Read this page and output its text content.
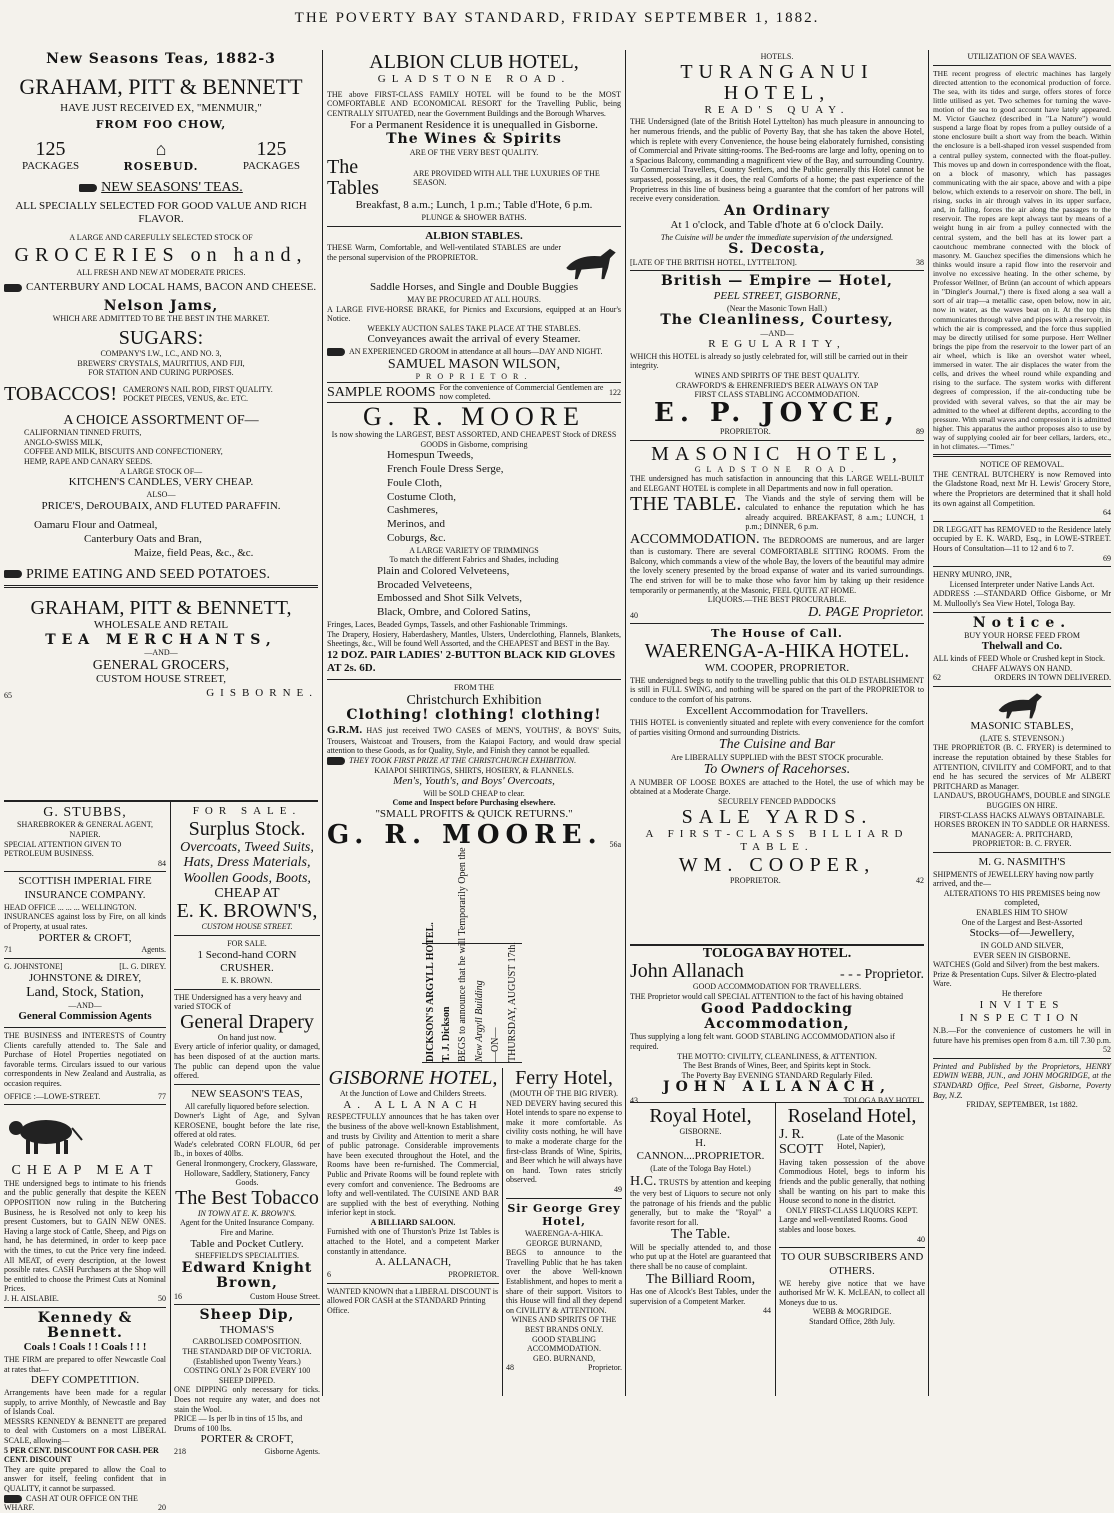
THE POVERTY BAY STANDARD, FRIDAY SEPTEMBER 1, 1882.
New Seasons Teas, 1882-3
GRAHAM, PITT & BENNETT
HAVE JUST RECEIVED EX, "MENMUIR,"
FROM FOO CHOW,
125
PACKAGES
⌂
ROSEBUD.
125
PACKAGES
NEW SEASONS' TEAS.
ALL SPECIALLY SELECTED FOR GOOD VALUE AND RICH FLAVOR.
A LARGE AND CAREFULLY SELECTED STOCK OF
GROCERIES on hand,
ALL FRESH AND NEW AT MODERATE PRICES.
CANTERBURY AND LOCAL HAMS, BACON AND CHEESE.
Nelson Jams,
WHICH ARE ADMITTED TO BE THE BEST IN THE MARKET.
SUGARS:
COMPANY'S I.W., I.C., AND NO. 3,
BREWERS' CRYSTALS, MAURITIUS, AND FIJI,
FOR STATION AND CURING PURPOSES.
TOBACCOS! CAMERON'S NAIL ROD, FIRST QUALITY.
POCKET PIECES, VENUS, &c. ETC.
A CHOICE ASSORTMENT OF—
CALIFORNIAN TINNED FRUITS,
ANGLO-SWISS MILK,
COFFEE AND MILK, BISCUITS AND CONFECTIONERY,
HEMP, RAPE AND CANARY SEEDS.
A LARGE STOCK OF—
KITCHEN'S CANDLES, VERY CHEAP.
ALSO—
PRICE'S, DeROUBAIX, AND FLUTED PARAFFIN.
Oamaru Flour and Oatmeal,
Canterbury Oats and Bran,
Maize, field Peas, &c., &c.
PRIME EATING AND SEED POTATOES.
GRAHAM, PITT & BENNETT,
WHOLESALE AND RETAIL
TEA MERCHANTS,
—AND—
GENERAL GROCERS,
CUSTOM HOUSE STREET,
65	GISBORNE.
G. STUBBS,
SHAREBROKER & GENERAL AGENT,
NAPIER.
SPECIAL ATTENTION GIVEN TO PETROLEUM BUSINESS.
84
SCOTTISH IMPERIAL FIRE INSURANCE COMPANY.
HEAD OFFICE ... ... ... WELLINGTON.
INSURANCES against loss by Fire, on all kinds of Property, at usual rates.
PORTER & CROFT,
71	Agents.
G. JOHNSTONE]	[L. G. DIREY.
JOHNSTONE & DIREY,
Land, Stock, Station,
—AND—
General Commission Agents
THE BUSINESS and INTERESTS of Country Clients carefully attended to. The Sale and Purchase of Hotel Properties negotiated on favorable terms. Circulars issued to our various correspondents in New Zealand and Australia, as occasion requires.
OFFICE :—LOWE-STREET.	77
CHEAP MEAT
THE undersigned begs to intimate to his friends and the public generally that despite the KEEN OPPOSITION now ruling in the Butchering Business, he is Resolved not only to keep his present Customers, but to GAIN NEW ONES. Having a large stock of Cattle, Sheep, and Pigs on hand, he has determined, in order to keep pace with the times, to cut the Price very fine indeed. All MEAT, of every description, at the lowest possible rates. CASH Purchasers at the Shop will be entitled to choose the Primest Cuts at Nominal Prices.
J. H. AISLABIE.	50
Kennedy & Bennett.
Coals ! Coals ! ! Coals ! ! !
THE FIRM are prepared to offer Newcastle Coal at rates that—
DEFY COMPETITION.
Arrangements have been made for a regular supply, to arrive Monthly, of Newcastle and Bay of Islands Coal.
MESSRS KENNEDY & BENNETT are prepared to deal with Customers on a most LIBERAL SCALE, allowing—
5 PER CENT. DISCOUNT FOR CASH. PER CENT. DISCOUNT
They are quite prepared to allow the Coal to answer for itself, feeling confident that in QUALITY, it cannot be surpassed.
CASH AT OUR OFFICE ON THE WHARF.	20
FOR SALE.
Surplus Stock.
Overcoats, Tweed Suits, Hats, Dress Materials, Woollen Goods, Boots,
CHEAP AT
E. K. BROWN'S,
CUSTOM HOUSE STREET.
FOR SALE.
1 Second-hand CORN CRUSHER.
E. K. BROWN.
THE Undersigned has a very heavy and varied STOCK of
General Drapery
On hand just now.
Every article of inferior quality, or damaged, has been disposed of at the auction marts. The public can depend upon the value offered.
NEW SEASON'S TEAS,
All carefully liquored before selection.
Downer's Light of Age, and Sylvan KEROSENE, bought before the late rise, offered at old rates.
Wade's celebrated CORN FLOUR, 6d per lb., in boxes of 40lbs.
General Ironmongery, Crockery, Glassware, Holloware, Saddlery, Stationery, Fancy Goods.
The Best Tobacco
IN TOWN AT E. K. BROWN'S.
Agent for the United Insurance Company. Fire and Marine.
Table and Pocket Cutlery.
SHEFFIELD'S SPECIALITIES.
Edward Knight Brown,
16	Custom House Street.
Sheep Dip,
THOMAS'S
CARBOLISED COMPOSITION.
THE STANDARD DIP OF VICTORIA.
(Established upon Twenty Years.)
COSTING ONLY 2s FOR EVERY 100 SHEEP DIPPED.
ONE DIPPING only necessary for ticks. Does not require any water, and does not stain the Wool.
PRICE — Is per lb in tins of 15 lbs, and Drums of 100 lbs.
PORTER & CROFT,
218	Gisborne Agents.
ALBION CLUB HOTEL,
GLADSTONE ROAD.
THE above FIRST-CLASS FAMILY HOTEL will be found to be the MOST COMFORTABLE AND ECONOMICAL RESORT for the Travelling Public, being CENTRALLY SITUATED, near the Government Buildings and the Borough Wharves.
For a Permanent Residence it is unequalled in Gisborne.
The Wines & Spirits
ARE OF THE VERY BEST QUALITY.
The Tables
ARE PROVIDED WITH ALL THE LUXURIES OF THE SEASON.
Breakfast, 8 a.m.; Lunch, 1 p.m.; Table d'Hote, 6 p.m.
PLUNGE & SHOWER BATHS.
ALBION STABLES.
THESE Warm, Comfortable, and Well-ventilated STABLES are under the personal supervision of the PROPRIETOR.
Saddle Horses, and Single and Double Buggies
MAY BE PROCURED AT ALL HOURS.
A LARGE FIVE-HORSE BRAKE, for Picnics and Excursions, equipped at an Hour's Notice.
WEEKLY AUCTION SALES TAKE PLACE AT THE STABLES.
Conveyances await the arrival of every Steamer.
AN EXPERIENCED GROOM in attendance at all hours—DAY AND NIGHT.
SAMUEL MASON WILSON,
PROPRIETOR.
SAMPLE ROOMS For the convenience of Commercial Gentlemen are now completed.
122
G. R. MOORE
Is now showing the LARGEST, BEST ASSORTED, AND CHEAPEST Stock of DRESS GOODS in Gisborne, comprising
Homespun Tweeds,
French Foule Dress Serge,
Foule Cloth,
Costume Cloth,
Cashmeres,
Merinos, and
Coburgs, &c.
A LARGE VARIETY OF TRIMMINGS
To match the different Fabrics and Shades, including
Plain and Colored Velveteens,
Brocaded Velveteens,
Embossed and Shot Silk Velvets,
Black, Ombre, and Colored Satins,
Fringes, Laces, Beaded Gymps, Tassels, and other Fashionable Trimmings.
The Drapery, Hosiery, Haberdashery, Mantles, Ulsters, Underclothing, Flannels, Blankets, Sheetings, &c., Will be found Well Assorted, and the CHEAPEST and BEST in the Bay.
12 DOZ. PAIR LADIES' 2-BUTTON BLACK KID GLOVES AT 2s. 6D.
FROM THE
Christchurch Exhibition
Clothing! clothing! clothing!
G.R.M. HAS just received TWO CASES of MEN'S, YOUTHS', & BOYS' Suits, Trousers, Waistcoat and Trousers, from the Kaiapoi Factory, and would draw special attention to these Goods, as for Quality, Style, and Finish they cannot be equalled.
THEY TOOK FIRST PRIZE AT THE CHRISTCHURCH EXHIBITION.
KAIAPOI SHIRTINGS, SHIRTS, HOSIERY, & FLANNELS.
Men's, Youth's, and Boys' Overcoats,
Will be SOLD CHEAP to clear.
Come and Inspect before Purchasing elsewhere.
"SMALL PROFITS & QUICK RETURNS."
G. R. MOORE. 56a
DICKSON'S ARGYLL HOTEL. T. J. Dickson BEGS to announce that he will Temporarily Open the New Argyll Building —ON— THURSDAY, AUGUST 17th.
GISBORNE HOTEL,
At the Junction of Lowe and Childers Streets.
A. ALLANACH
RESPECTFULLY announces that he has taken over the business of the above well-known Establishment, and trusts by Civility and Attention to merit a share of public patronage. Considerable improvements have been executed throughout the Hotel, and the Rooms have been re-furnished. The Commercial, Public and Private Rooms will be found replete with every comfort and convenience. The Bedrooms are lofty and well-ventilated. The CUISINE AND BAR are supplied with the best of everything. Nothing inferior kept in stock.
A BILLIARD SALOON.
Furnished with one of Thurston's Prize 1st Tables is attached to the Hotel, and a competent Marker constantly in attendance.
A. ALLANACH,
6	PROPRIETOR.
WANTED KNOWN that a LIBERAL DISCOUNT is allowed FOR CASH at the STANDARD Printing Office.
Ferry Hotel,
(MOUTH OF THE BIG RIVER).
NED DEVERY having secured this Hotel intends to spare no expense to make it more comfortable. As civility costs nothing, he will have to make a moderate charge for the first-class Brands of Wine, Spirits, and Beer which he will always have on hand. Town rates strictly observed.
49
Sir George Grey Hotel,
WAERENGA-A-HIKA.
GEORGE BURNAND,
BEGS to announce to the Travelling Public that he has taken over the above Well-known Establishment, and hopes to merit a share of their support. Visitors to this House will find all they depend on CIVILITY & ATTENTION.
WINES AND SPIRITS OF THE BEST BRANDS ONLY.
GOOD STABLING ACCOMMODATION.
GEO. BURNAND,
48	Proprietor.
HOTELS.
TURANGANUI HOTEL,
READ'S QUAY.
THE Undersigned (late of the British Hotel Lyttelton) has much pleasure in announcing to her numerous friends, and the public of Poverty Bay, that she has taken the above Hotel, which is replete with every Convenience, the house being elaborately furnished, consisting of Commercial and Private sitting-rooms. The Bed-rooms are large and lofty, opening on to a Spacious Balcony, commanding a magnificent view of the Bay, and surrounding Country. To Commercial Travellers, Country Settlers, and the Public generally this Hotel cannot be surpassed, possessing, as it does, the real Comforts of a home; the past experience of the Proprietress in this line of business being a guarantee that the comfort of her patrons will receive every consideration.
An Ordinary
At 1 o'clock, and Table d'hote at 6 o'clock Daily.
The Cuisine will be under the immediate supervision of the undersigned.
S. Decosta,
[LATE OF THE BRITISH HOTEL, LYTTELTON].	38
British — Empire — Hotel,
PEEL STREET, GISBORNE,
(Near the Masonic Town Hall.)
The Cleanliness, Courtesy,
—AND—
REGULARITY,
WHICH this HOTEL is already so justly celebrated for, will still be carried out in their integrity.
WINES AND SPIRITS OF THE BEST QUALITY.
CRAWFORD'S & EHRENFRIED'S BEER ALWAYS ON TAP
FIRST CLASS STABLING ACCOMMODATION.
E. P. JOYCE,
PROPRIETOR.	89
MASONIC HOTEL,
GLADSTONE ROAD.
THE undersigned has much satisfaction in announcing that this LARGE WELL-BUILT and ELEGANT HOTEL is complete in all Departments and now in full operation.
THE TABLE. The Viands and the style of serving them will be calculated to enhance the reputation which he has already acquired. BREAKFAST, 8 a.m.; LUNCH, 1 p.m.; DINNER, 6 p.m.
ACCOMMODATION. The BEDROOMS are numerous, and are larger than is customary. There are several COMFORTABLE SITTING ROOMS. From the Balcony, which commands a view of the whole Bay, the lovers of the beautiful may admire the lovely scenery presented by the broad expanse of water and its varied surroundings. The end striven for will be to make those who favor him by taking up their residence temporarily or permanently, at the Masonic, FEEL QUITE AT HOME.
LIQUORS.—THE BEST PROCURABLE.
40	D. PAGE Proprietor.
The House of Call.
WAERENGA-A-HIKA HOTEL.
WM. COOPER, PROPRIETOR.
THE undersigned begs to notify to the travelling public that this OLD ESTABLISHMENT is still in FULL SWING, and nothing will be spared on the part of the PROPRIETOR to conduce to the comfort of his patrons.
Excellent Accommodation for Travellers.
THIS HOTEL is conveniently situated and replete with every convenience for the comfort of parties visiting Ormond and surrounding Districts.
The Cuisine and Bar
Are LIBERALLY SUPPLIED with the BEST STOCK procurable.
To Owners of Racehorses.
A NUMBER OF LOOSE BOXES are attached to the Hotel, the use of which may be obtained at a Moderate Charge.
SECURELY FENCED PADDOCKS
SALE YARDS.
A FIRST-CLASS BILLIARD TABLE.
WM. COOPER,
PROPRIETOR.	42
TOLOGA BAY HOTEL.
John Allanach	- - - Proprietor.
GOOD ACCOMMODATION FOR TRAVELLERS.
THE Proprietor would call SPECIAL ATTENTION to the fact of his having obtained
Good Paddocking Accommodation,
Thus supplying a long felt want. GOOD STABLING ACCOMMODATION also if required.
THE MOTTO: CIVILITY, CLEANLINESS, & ATTENTION.
The Best Brands of Wines, Beer, and Spirits kept in Stock.
The Poverty Bay EVENING STANDARD Regularly Filed.
JOHN ALLANACH,
43	TOLOGA BAY HOTEL.
Royal Hotel,
GISBORNE.
H. CANNON....PROPRIETOR.
(Late of the Tologa Bay Hotel.)
H.C. TRUSTS by attention and keeping the very best of Liquors to secure not only the patronage of his friends and the public generally, but to make the "Royal" a favorite resort for all.
The Table.
Will be specially attended to, and those who put up at the Hotel are guaranteed that there shall be no cause of complaint.
The Billiard Room,
Has one of Alcock's Best Tables, under the supervision of a Competent Marker.
44
Roseland Hotel,
J. R. SCOTT
(Late of the Masonic Hotel, Napier),
Having taken possession of the above Commodious Hotel, begs to inform his friends and the public generally, that nothing shall be wanting on his part to make this House second to none in the district.
ONLY FIRST-CLASS LIQUORS KEPT.
Large and well-ventilated Rooms. Good stables and loose boxes.
40
TO OUR SUBSCRIBERS AND OTHERS.
WE hereby give notice that we have authorised Mr W. K. McLEAN, to collect all Moneys due to us.
WEBB & MOGRIDGE.
Standard Office, 28th July.
UTILIZATION OF SEA WAVES.
THE recent progress of electric machines has largely directed attention to the economical production of force. The sea, with its tides and surge, offers stores of force little utilised as yet. Two schemes for turning the wave-motion of the sea to good account have lately appeared. M. Victor Gauchez (described in "La Nature") would suspend a large float by ropes from a pulley outside of a stone enclosure built a short way from the beach. Within the enclosure is a bell-shaped iron vessel suspended from a central pulley system, connected with the float-pulley. This moves up and down in correspondence with the float, on a block of masonry, which has passages communicating with the air space, above and with a pipe below, which extends to a reservoir on shore. The bell, in rising, sucks in air through valves in its upper surface, and, in falling, forces the air along the passages to the reservoir. The ropes are kept always taut by means of a weight hung in air from a pulley connected with the central system, and the bell has at its lower part a caoutchouc membrane connected with the block of masonry. M. Gauchez specifies the dimensions which he thinks would insure a rapid flow into the reservoir and involve no excessive heating. In the other scheme, by Professor Wellner, of Brünn (an account of which appears in "Dingler's Journal,") there is fixed along a sea wall a sort of air trap—a metallic case, open below, now in air, now in water, as the waves beat on it. At the top this communicates through valve and pipes with a reservoir, in which the air is compressed, and the force thus supplied may be directly utilised for some purpose. Herr Wellner brings the pipe from the reservoir to the lower part of an air wheel, which is like an overshot water wheel, immersed in water. The air displaces the water from the cells, and drives the wheel round while expanding and rising to the surface. The system works with different degrees of compression, if the air-conducting tube be provided with several valves, so that the air may be admitted to the wheel at different depths, according to the pressure. With small waves and compression it is admitted higher. This apparatus the author proposes also to use by way of supplying cooled air for beer cellars, larders, etc., in hot climates.—"Times."
NOTICE OF REMOVAL.
THE CENTRAL BUTCHERY is now Removed into the Gladstone Road, next Mr H. Lewis' Grocery Store, where the Proprietors are determined that it shall hold its own against all Competition.
64
DR LEGGATT has REMOVED to the Residence lately occupied by E. K. WARD, Esq., in LOWE-STREET. Hours of Consultation—11 to 12 and 6 to 7.
69
HENRY MUNRO, JNR,
Licensed Interpreter under Native Lands Act.
ADDRESS :—STANDARD Office Gisborne, or Mr M. Mulloolly's Sea View Hotel, Tologa Bay.
Notice.
BUY YOUR HORSE FEED FROM
Thelwall and Co.
ALL kinds of FEED Whole or Crushed kept in Stock.
CHAFF ALWAYS ON HAND.
62	ORDERS IN TOWN DELIVERED.
MASONIC STABLES,
(LATE S. STEVENSON.)
THE PROPRIETOR (B. C. FRYER) is determined to increase the reputation obtained by these Stables for ATTENTION, CIVILITY and COMFORT, and to that end he has secured the services of Mr ALBERT PRITCHARD as Manager.
LANDAU'S, BROUGHAM'S, DOUBLE and SINGLE BUGGIES ON HIRE.
FIRST-CLASS HACKS ALWAYS OBTAINABLE.
HORSES BROKEN IN TO SADDLE OR HARNESS.
MANAGER: A. PRITCHARD,
PROPRIETOR: B. C. FRYER.
M. G. NASMITH'S
SHIPMENTS of JEWELLERY having now partly arrived, and the—
ALTERATIONS TO HIS PREMISES being now completed,
ENABLES HIM TO SHOW
One of the Largest and Best-Assorted
Stocks—of—Jewellery,
IN GOLD AND SILVER,
EVER SEEN IN GISBORNE.
WATCHES (Gold and Silver) from the best makers. Prize & Presentation Cups. Silver & Electro-plated Ware.
He therefore
INVITES INSPECTION
N.B.—For the convenience of customers he will in future have his premises open from 8 a.m. till 7.30 p.m.
52
Printed and Published by the Proprietors, HENRY EDWIN WEBB, JUN., and JOHN MOGRIDGE, at the STANDARD Office, Peel Street, Gisborne, Poverty Bay, N.Z.
FRIDAY, SEPTEMBER, 1st 1882.
